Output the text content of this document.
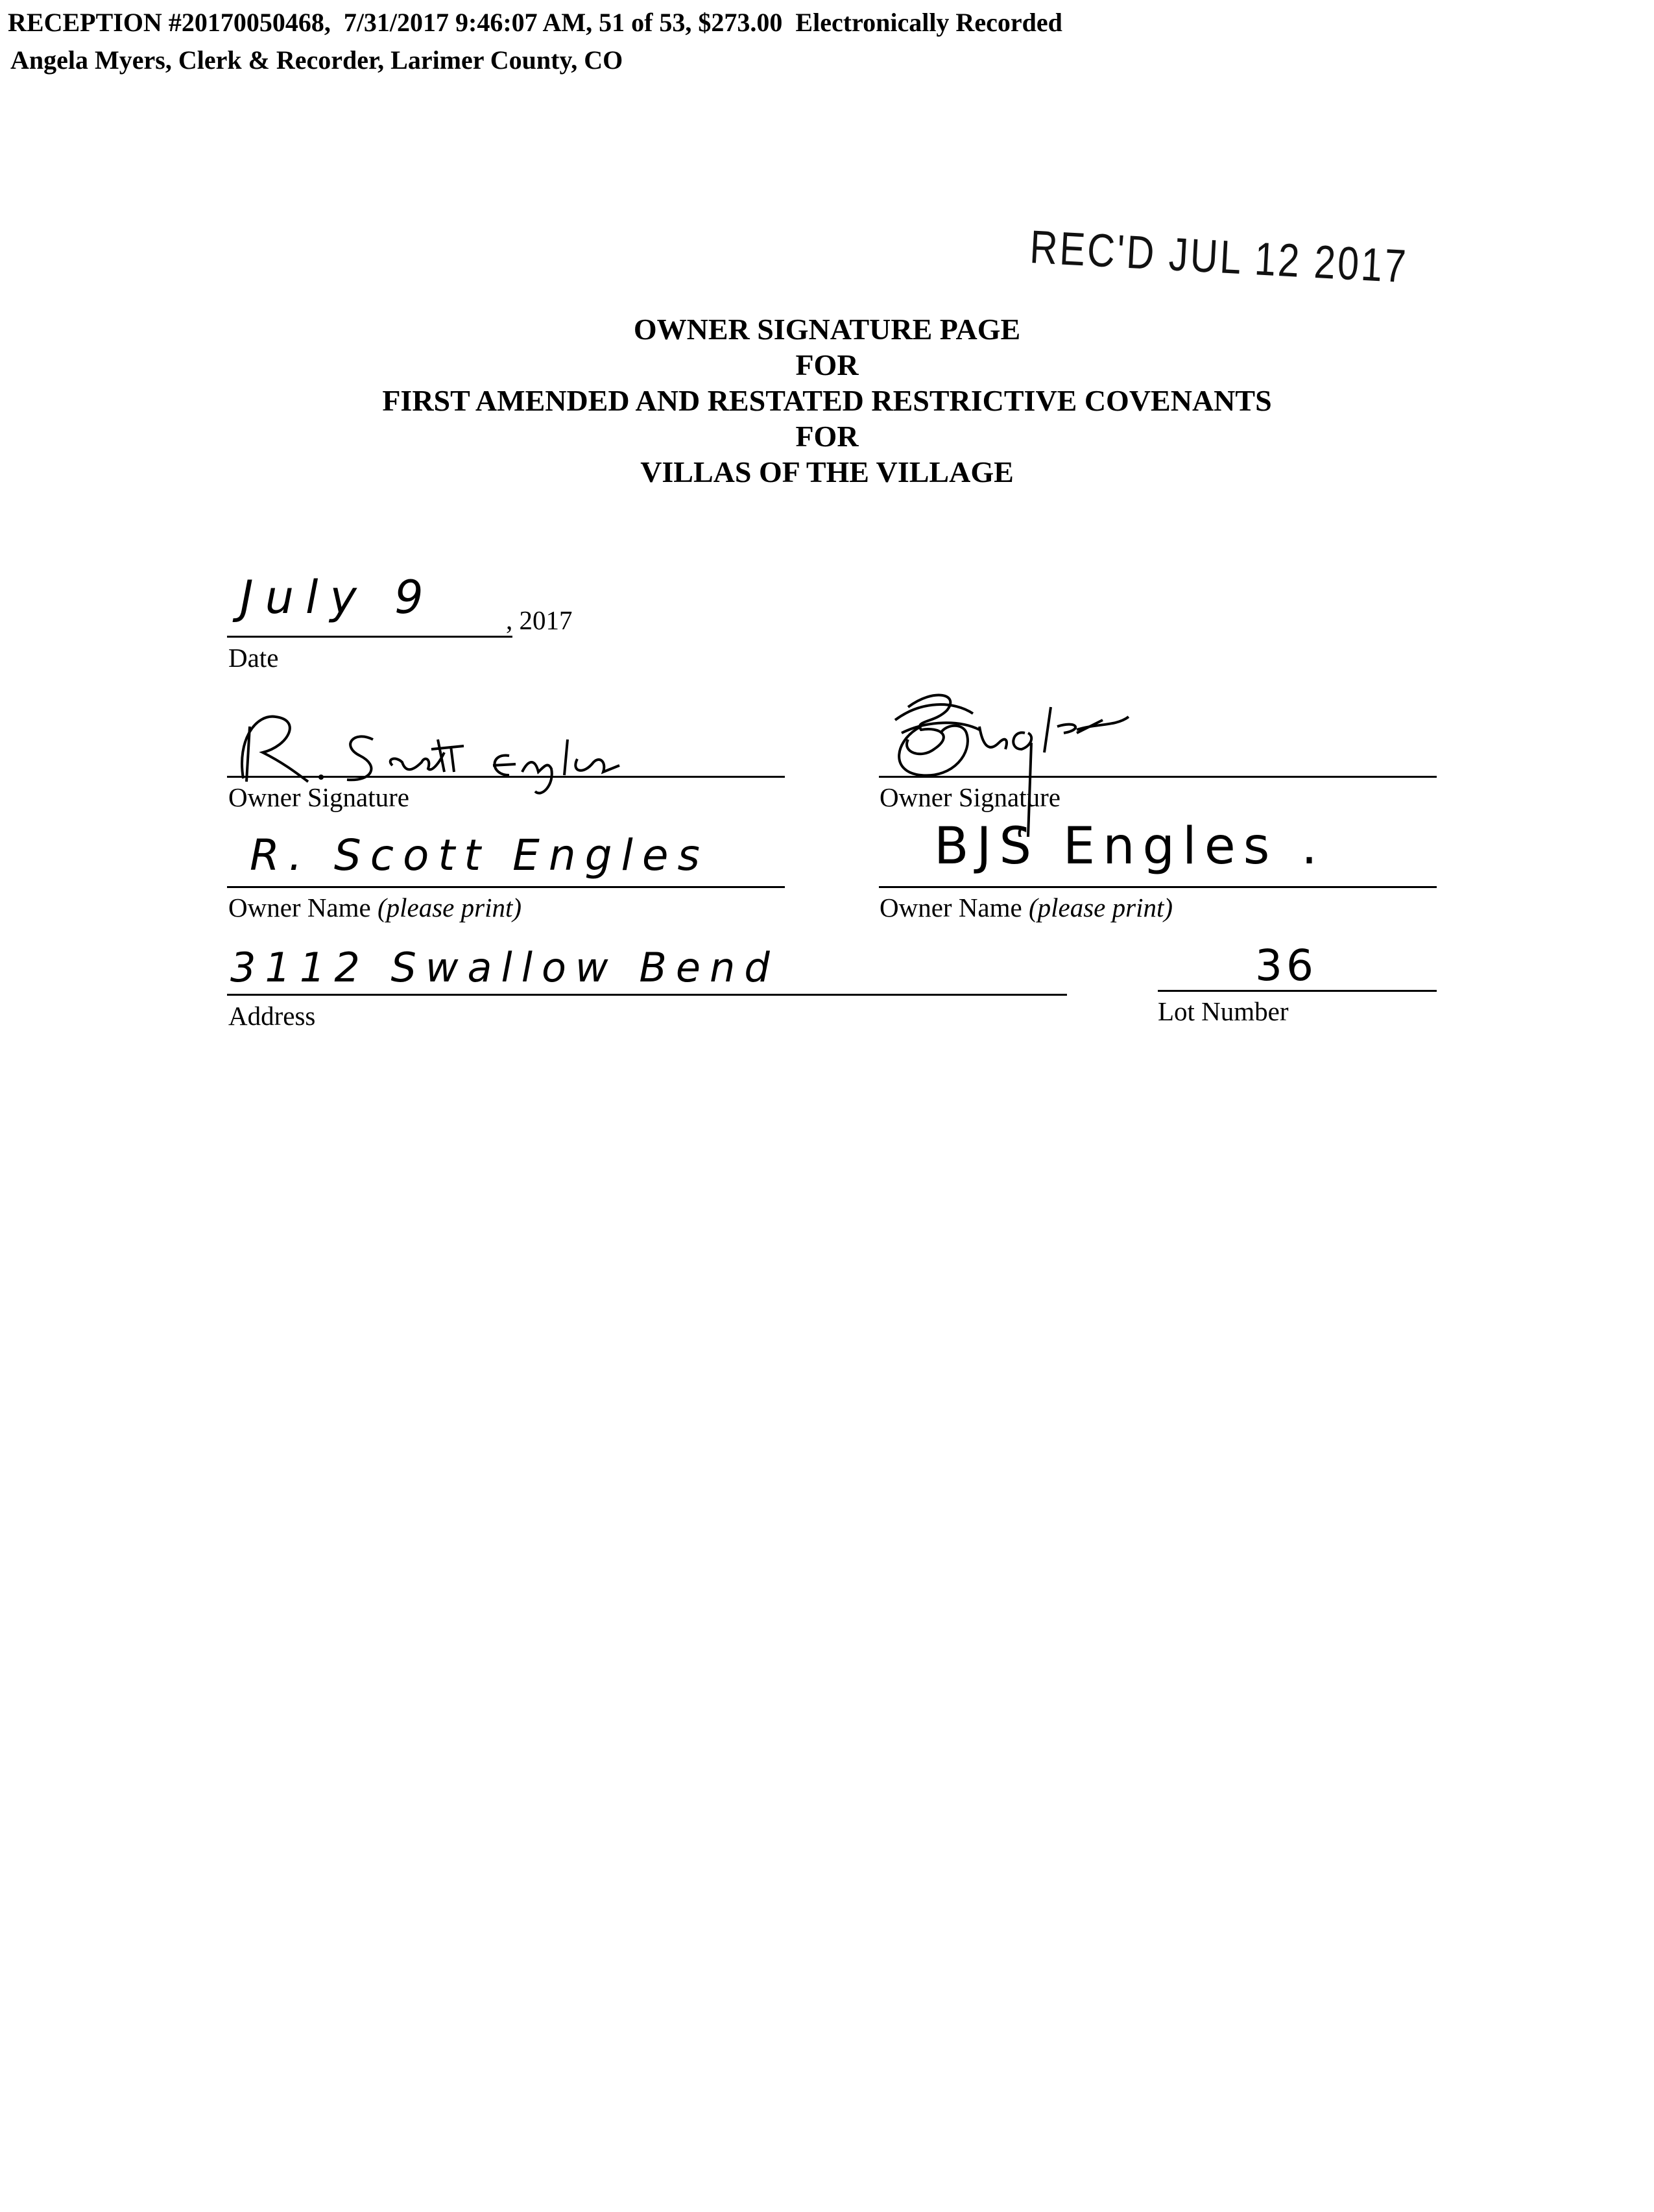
RECEPTION #20170050468,  7/31/2017 9:46:07 AM, 51 of 53, $273.00  Electronically Recorded
Angela Myers, Clerk & Recorder, Larimer County, CO
REC'D JUL 12 2017
OWNER SIGNATURE PAGE
FOR
FIRST AMENDED AND RESTATED RESTRICTIVE COVENANTS
FOR
VILLAS OF THE VILLAGE
July 9	, 2017
Date
Owner Signature	Owner Signature
R. Scott Engles
Owner Name (please print)
BJS Engles .
Owner Name (please print)
3112 Swallow Bend
Address
36
Lot Number
